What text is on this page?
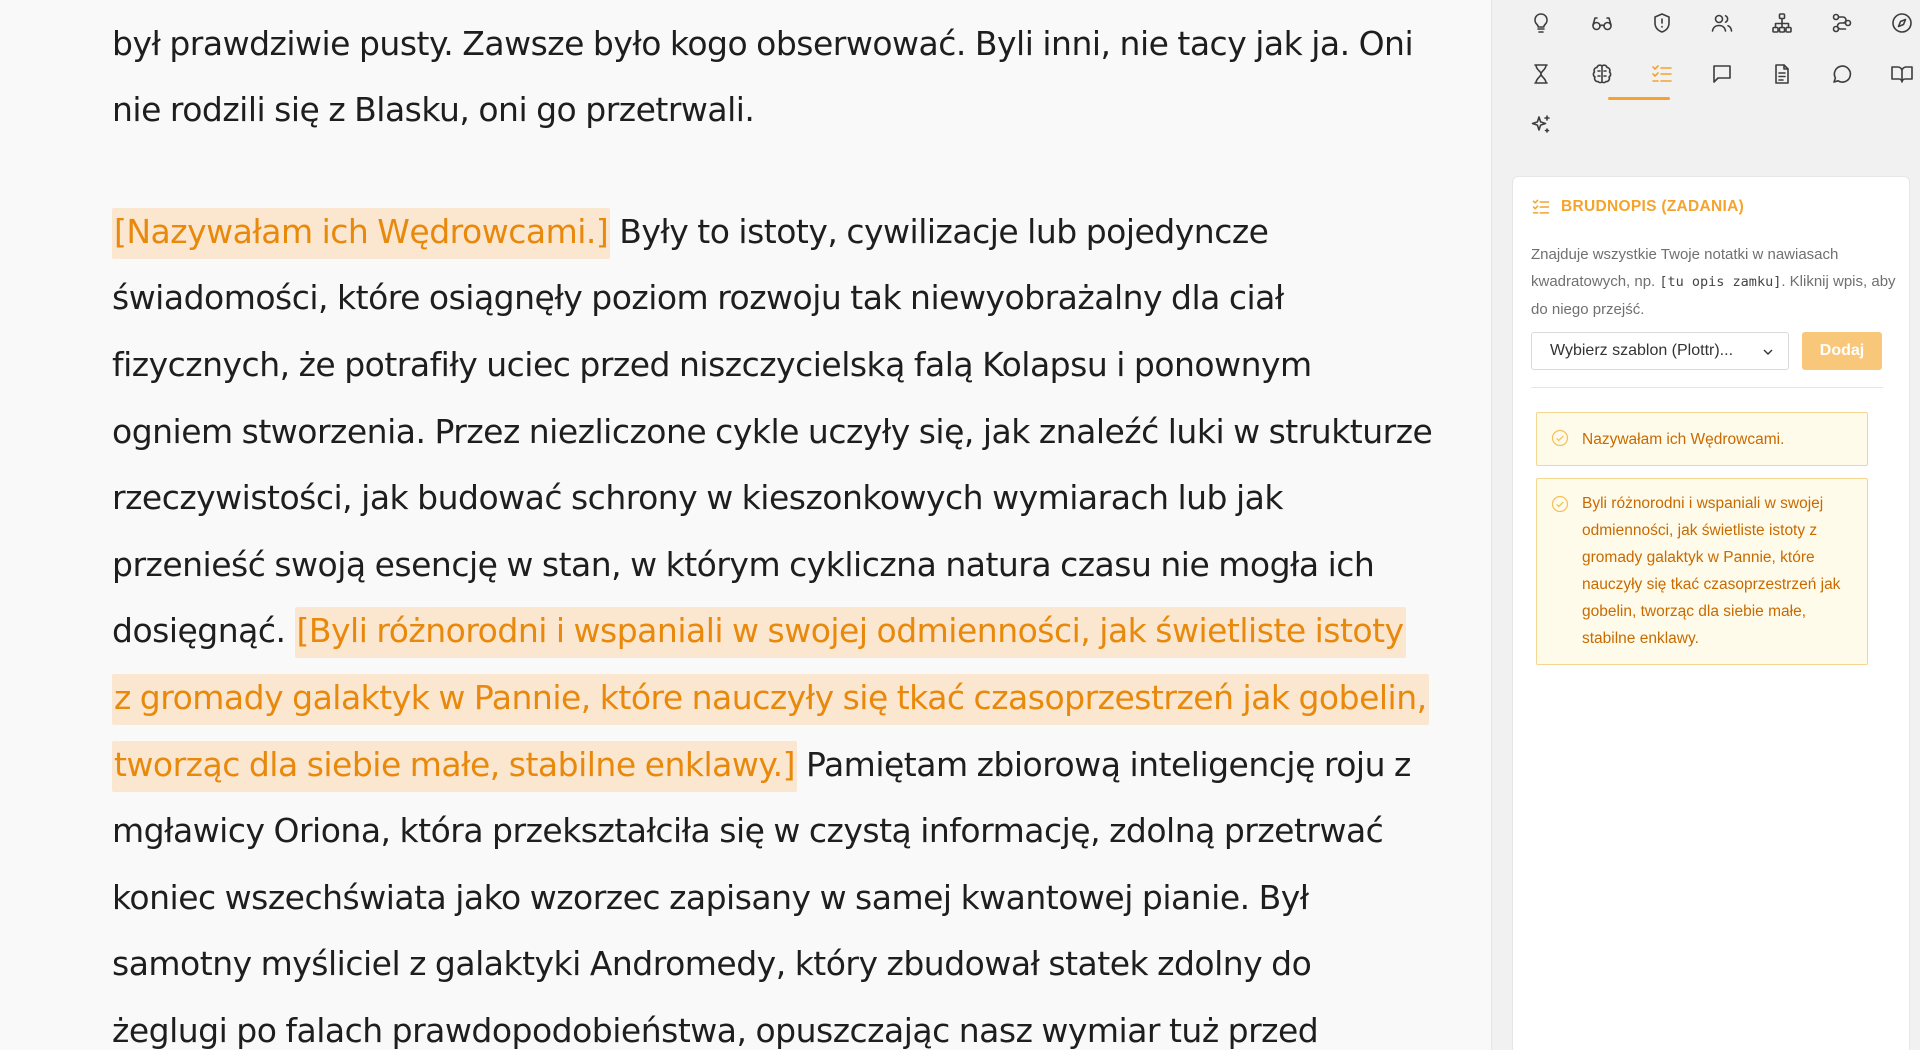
był prawdziwie pusty. Zawsze było kogo obserwować. Byli inni, nie tacy jak ja. Oni
nie rodzili się z Blasku, oni go przetrwali.
[Nazywałam ich Wędrowcami.] Były to istoty, cywilizacje lub pojedyncze
świadomości, które osiągnęły poziom rozwoju tak niewyobrażalny dla ciał
fizycznych, że potrafiły uciec przed niszczycielską falą Kolapsu i ponownym
ogniem stworzenia. Przez niezliczone cykle uczyły się, jak znaleźć luki w strukturze
rzeczywistości, jak budować schrony w kieszonkowych wymiarach lub jak
przenieść swoją esencję w stan, w którym cykliczna natura czasu nie mogła ich
dosięgnąć. [Byli różnorodni i wspaniali w swojej odmienności, jak świetliste istoty
z gromady galaktyk w Pannie, które nauczyły się tkać czasoprzestrzeń jak gobelin,
tworząc dla siebie małe, stabilne enklawy.] Pamiętam zbiorową inteligencję roju z
mgławicy Oriona, która przekształciła się w czystą informację, zdolną przetrwać
koniec wszechświata jako wzorzec zapisany w samej kwantowej pianie. Był
samotny myśliciel z galaktyki Andromedy, który zbudował statek zdolny do
żeglugi po falach prawdopodobieństwa, opuszczając nasz wymiar tuż przed
BRUDNOPIS (ZADANIA)
Znajduje wszystkie Twoje notatki w nawiasach kwadratowych, np. [tu opis zamku]. Kliknij wpis, aby do niego przejść.
Wybierz szablon (Plottr)...	Dodaj
Nazywałam ich Wędrowcami.
Byli różnorodni i wspaniali w swojej odmienności, jak świetliste istoty z gromady galaktyk w Pannie, które nauczyły się tkać czasoprzestrzeń jak gobelin, tworząc dla siebie małe, stabilne enklawy.
